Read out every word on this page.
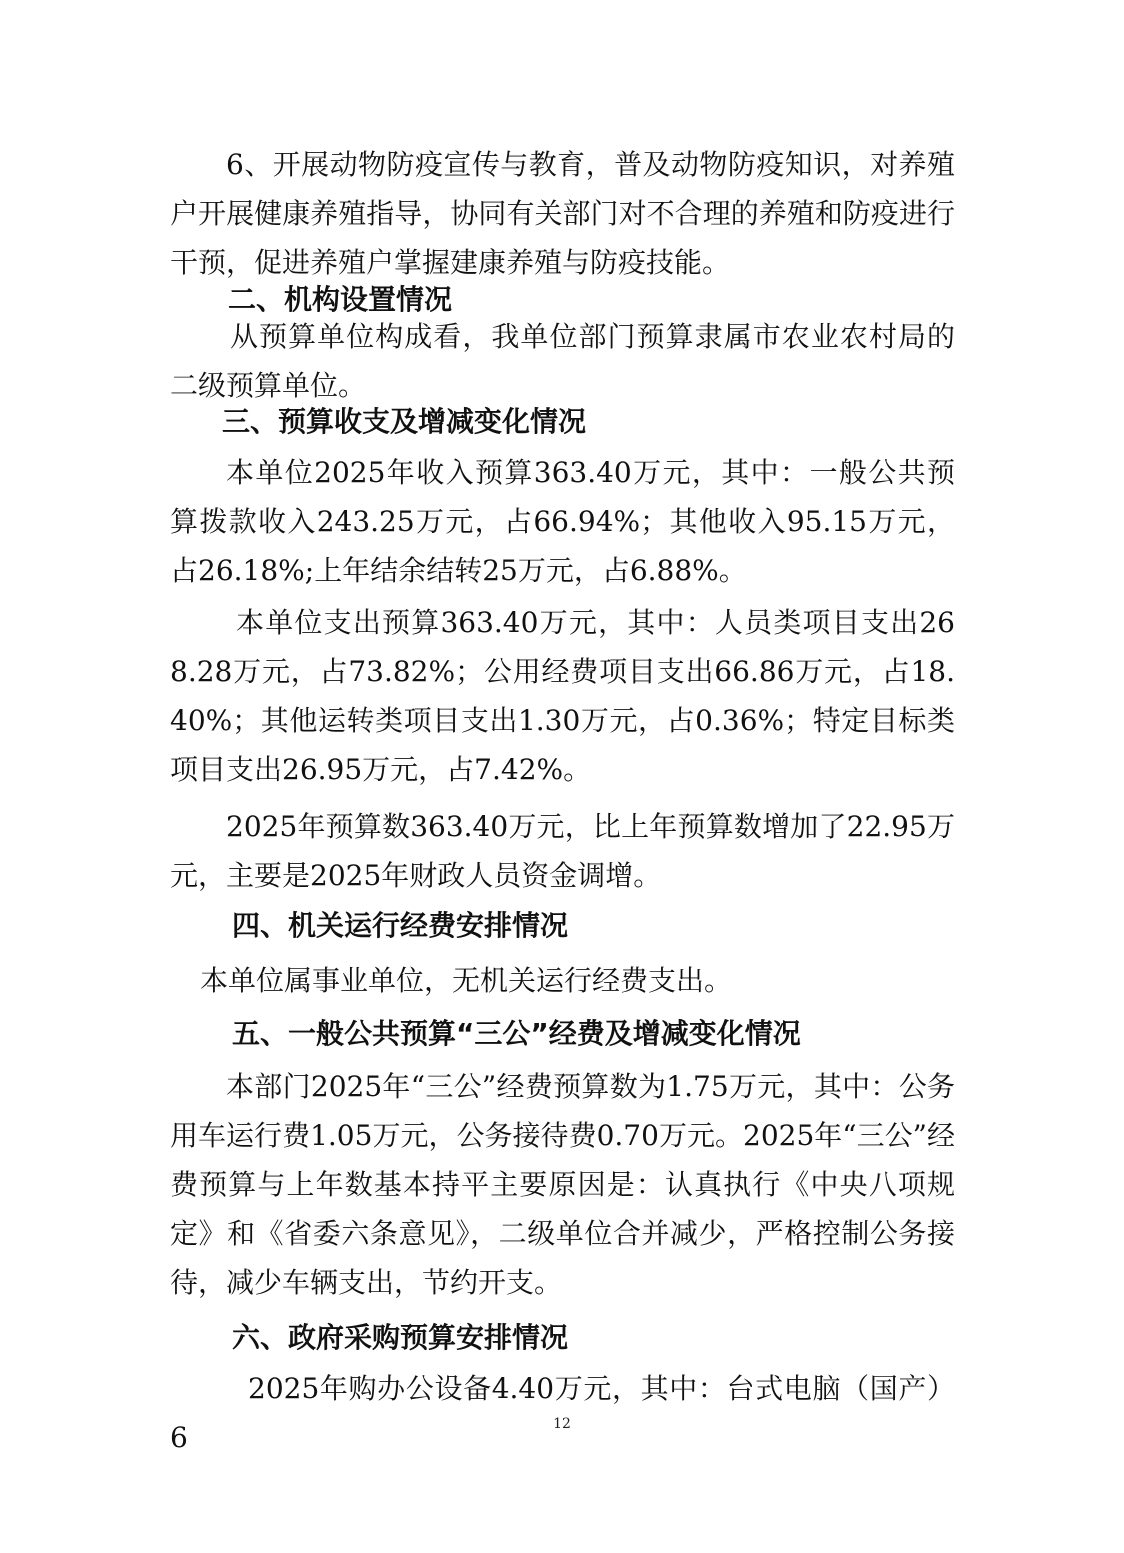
6、开展动物防疫宣传与教育，普及动物防疫知识，对养殖户开展健康养殖指导，协同有关部门对不合理的养殖和防疫进行干预，促进养殖户掌握建康养殖与防疫技能。

二、机构设置情况

从预算单位构成看，我单位部门预算隶属市农业农村局的二级预算单位。

三、预算收支及增减变化情况

本单位2025年收入预算363.40万元，其中：一般公共预算拨款收入243.25万元，占66.94%；其他收入95.15万元，占26.18%;上年结余结转25万元，占6.88%。

本单位支出预算363.40万元，其中：人员类项目支出268.28万元，占73.82%；公用经费项目支出66.86万元，占18.40%；其他运转类项目支出1.30万元，占0.36%；特定目标类项目支出26.95万元，占7.42%。

2025年预算数363.40万元，比上年预算数增加了22.95万元，主要是2025年财政人员资金调增。

四、机关运行经费安排情况

本单位属事业单位，无机关运行经费支出。

五、一般公共预算“三公”经费及增减变化情况

本部门2025年“三公”经费预算数为1.75万元，其中：公务用车运行费1.05万元，公务接待费0.70万元。2025年“三公”经费预算与上年数基本持平主要原因是：认真执行《中央八项规定》和《省委六条意见》，二级单位合并减少，严格控制公务接待，减少车辆支出，节约开支。

六、政府采购预算安排情况

2025年购办公设备4.40万元，其中：台式电脑（国产）6	12
